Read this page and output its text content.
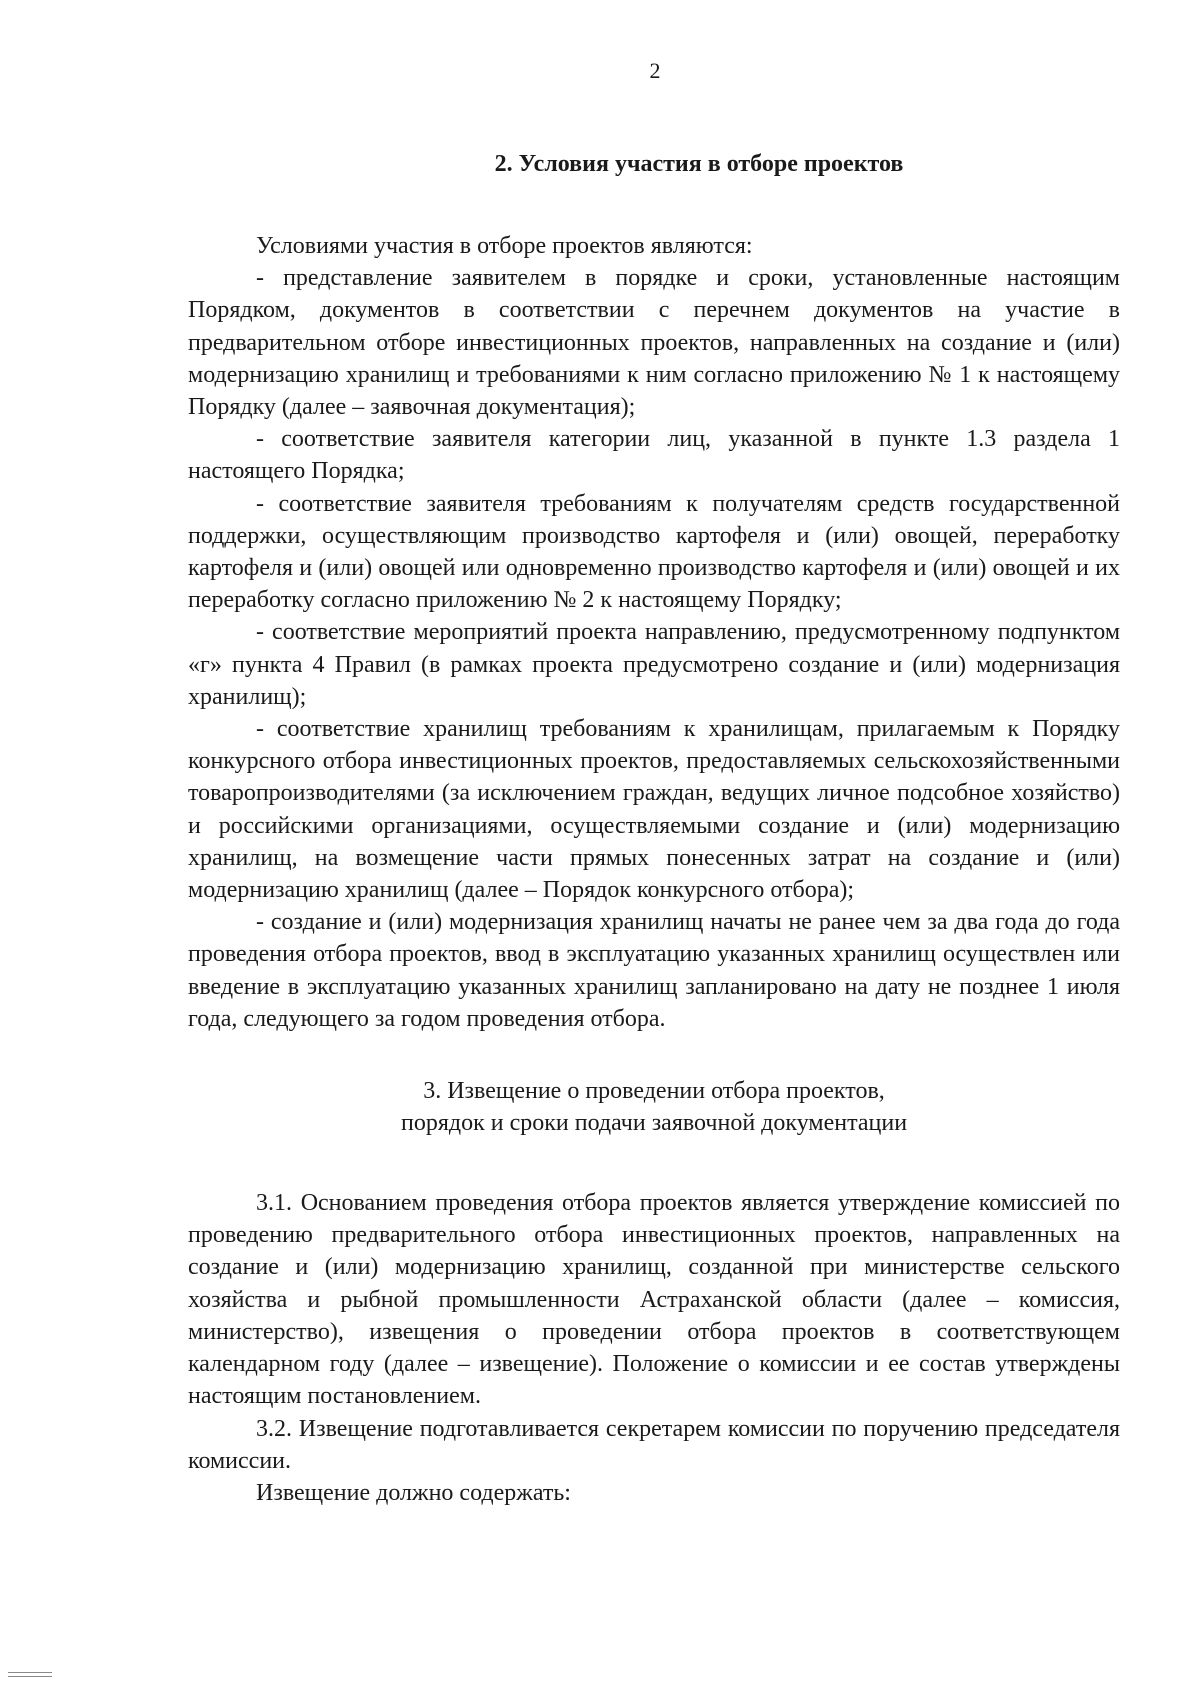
2
2. Условия участия в отборе проектов

Условиями участия в отборе проектов являются:

- представление заявителем в порядке и сроки, установленные настоящим Порядком, документов в соответствии с перечнем документов на участие в предварительном отборе инвестиционных проектов, направленных на создание и (или) модернизацию хранилищ и требованиями к ним согласно приложению № 1 к настоящему Порядку (далее – заявочная документация);

- соответствие заявителя категории лиц, указанной в пункте 1.3 раздела 1 настоящего Порядка;

- соответствие заявителя требованиям к получателям средств государственной поддержки, осуществляющим производство картофеля и (или) овощей, переработку картофеля и (или) овощей или одновременно производство картофеля и (или) овощей и их переработку согласно приложению № 2 к настоящему Порядку;

- соответствие мероприятий проекта направлению, предусмотренному подпунктом «г» пункта 4 Правил (в рамках проекта предусмотрено создание и (или) модернизация хранилищ);

- соответствие хранилищ требованиям к хранилищам, прилагаемым к Порядку конкурсного отбора инвестиционных проектов, предоставляемых сельскохозяйственными товаропроизводителями (за исключением граждан, ведущих личное подсобное хозяйство) и российскими организациями, осуществляемыми создание и (или) модернизацию хранилищ, на возмещение части прямых понесенных затрат на создание и (или) модернизацию хранилищ (далее – Порядок конкурсного отбора);

- создание и (или) модернизация хранилищ начаты не ранее чем за два года до года проведения отбора проектов, ввод в эксплуатацию указанных хранилищ осуществлен или введение в эксплуатацию указанных хранилищ запланировано на дату не позднее 1 июля года, следующего за годом проведения отбора.

3. Извещение о проведении отбора проектов,
порядок и сроки подачи заявочной документации

3.1. Основанием проведения отбора проектов является утверждение комиссией по проведению предварительного отбора инвестиционных проектов, направленных на создание и (или) модернизацию хранилищ, созданной при министерстве сельского хозяйства и рыбной промышленности Астраханской области (далее – комиссия, министерство), извещения о проведении отбора проектов в соответствующем календарном году (далее – извещение). Положение о комиссии и ее состав утверждены настоящим постановлением.

3.2. Извещение подготавливается секретарем комиссии по поручению председателя комиссии.

Извещение должно содержать:
